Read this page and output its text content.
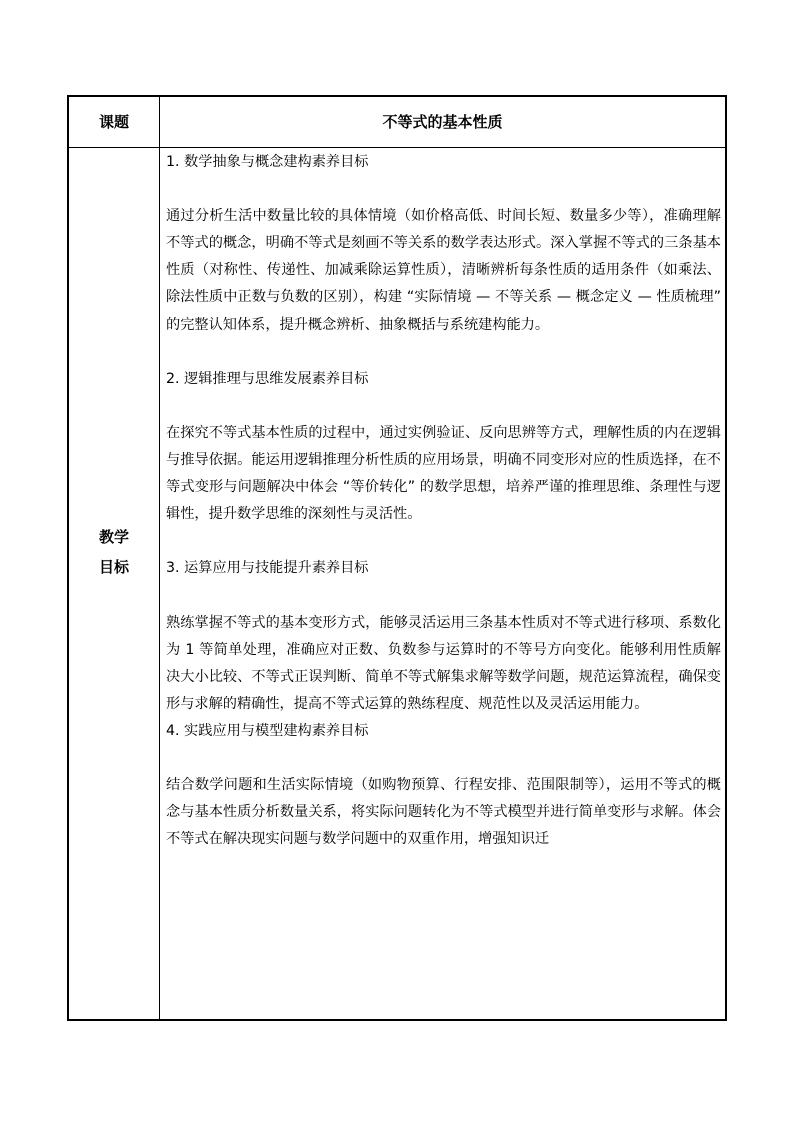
课题	不等式的基本性质
教学
目标

1. 数学抽象与概念建构素养目标

通过分析生活中数量比较的具体情境（如价格高低、时间长短、数量多少等），准确理解不等式的概念，明确不等式是刻画不等关系的数学表达形式。深入掌握不等式的三条基本性质（对称性、传递性、加减乘除运算性质），清晰辨析每条性质的适用条件（如乘法、除法性质中正数与负数的区别），构建 “实际情境 — 不等关系 — 概念定义 — 性质梳理” 的完整认知体系，提升概念辨析、抽象概括与系统建构能力。

2. 逻辑推理与思维发展素养目标

在探究不等式基本性质的过程中，通过实例验证、反向思辨等方式，理解性质的内在逻辑与推导依据。能运用逻辑推理分析性质的应用场景，明确不同变形对应的性质选择，在不等式变形与问题解决中体会 “等价转化” 的数学思想，培养严谨的推理思维、条理性与逻辑性，提升数学思维的深刻性与灵活性。

3. 运算应用与技能提升素养目标

熟练掌握不等式的基本变形方式，能够灵活运用三条基本性质对不等式进行移项、系数化为 1 等简单处理，准确应对正数、负数参与运算时的不等号方向变化。能够利用性质解决大小比较、不等式正误判断、简单不等式解集求解等数学问题，规范运算流程，确保变形与求解的精确性，提高不等式运算的熟练程度、规范性以及灵活运用能力。

4. 实践应用与模型建构素养目标

结合数学问题和生活实际情境（如购物预算、行程安排、范围限制等），运用不等式的概念与基本性质分析数量关系，将实际问题转化为不等式模型并进行简单变形与求解。体会不等式在解决现实问题与数学问题中的双重作用，增强知识迁
